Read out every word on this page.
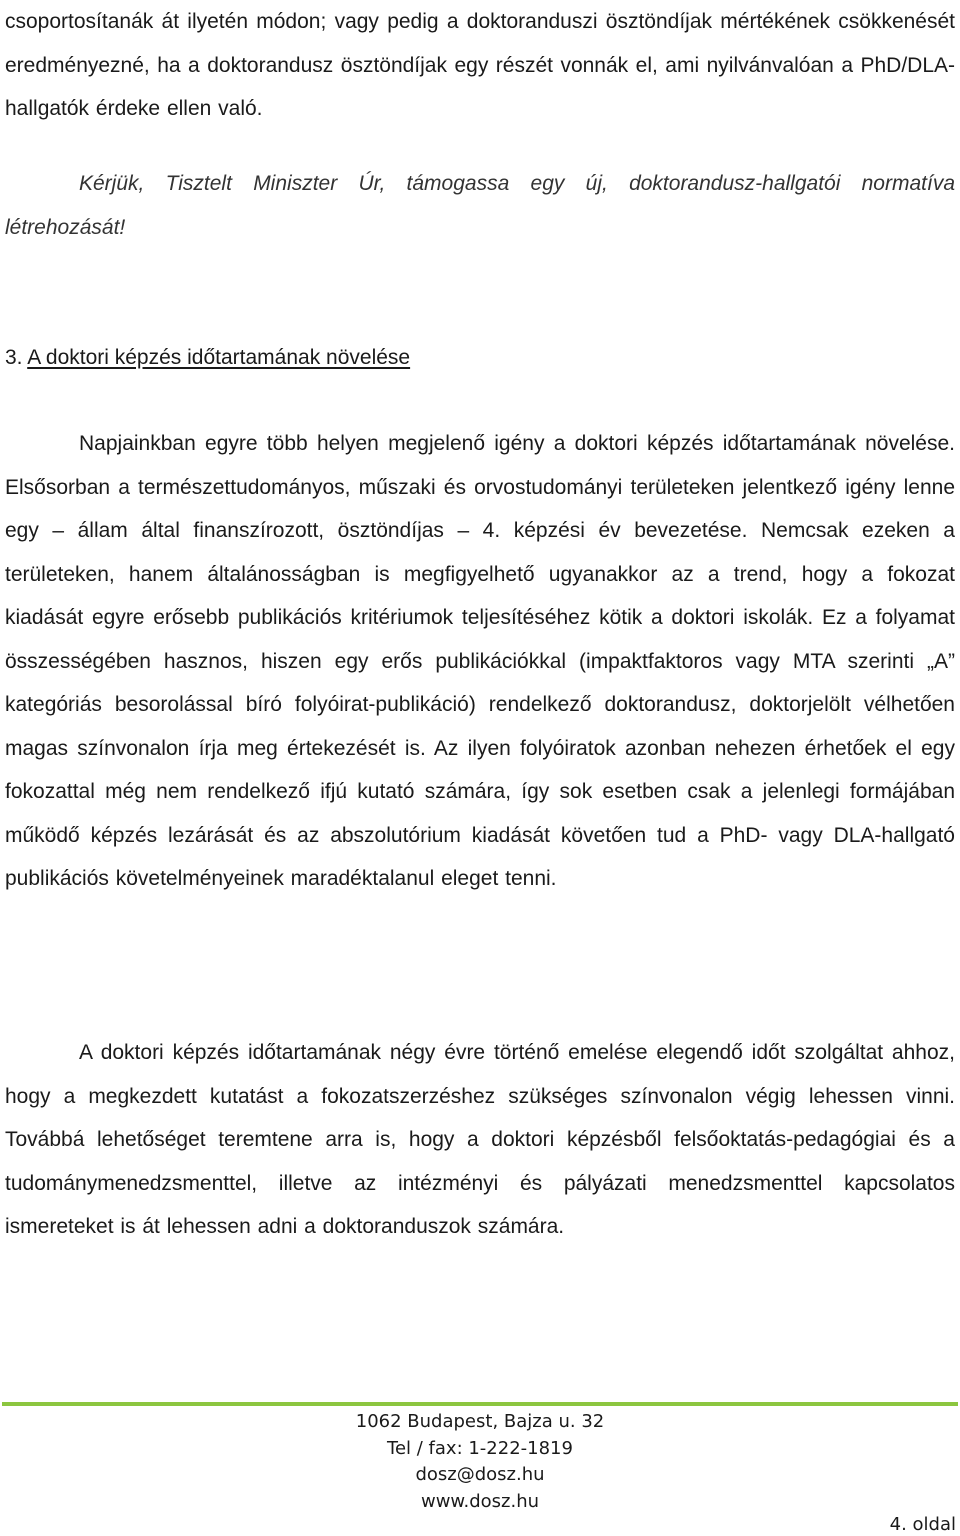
csoportosítanák át ilyetén módon; vagy pedig a doktoranduszi ösztöndíjak mértékének csökkenését eredményezné, ha a doktorandusz ösztöndíjak egy részét vonnák el, ami nyilvánvalóan a PhD/DLA-hallgatók érdeke ellen való.

Kérjük, Tisztelt Miniszter Úr, támogassa egy új, doktorandusz-hallgatói normatíva létrehozását!

3. A doktori képzés időtartamának növelése

Napjainkban egyre több helyen megjelenő igény a doktori képzés időtartamának növelése. Elsősorban a természettudományos, műszaki és orvostudományi területeken jelentkező igény lenne egy – állam által finanszírozott, ösztöndíjas – 4. képzési év bevezetése. Nemcsak ezeken a területeken, hanem általánosságban is megfigyelhető ugyanakkor az a trend, hogy a fokozat kiadását egyre erősebb publikációs kritériumok teljesítéséhez kötik a doktori iskolák. Ez a folyamat összességében hasznos, hiszen egy erős publikációkkal (impaktfaktoros vagy MTA szerinti „A” kategóriás besorolással bíró folyóirat-publikáció) rendelkező doktorandusz, doktorjelölt vélhetően magas színvonalon írja meg értekezését is. Az ilyen folyóiratok azonban nehezen érhetőek el egy fokozattal még nem rendelkező ifjú kutató számára, így sok esetben csak a jelenlegi formájában működő képzés lezárását és az abszolutórium kiadását követően tud a PhD- vagy DLA-hallgató publikációs követelményeinek maradéktalanul eleget tenni.

A doktori képzés időtartamának négy évre történő emelése elegendő időt szolgáltat ahhoz, hogy a megkezdett kutatást a fokozatszerzéshez szükséges színvonalon végig lehessen vinni. Továbbá lehetőséget teremtene arra is, hogy a doktori képzésből felsőoktatás-pedagógiai és a tudománymenedzsmenttel, illetve az intézményi és pályázati menedzsmenttel kapcsolatos ismereteket is át lehessen adni a doktoranduszok számára.

1062 Budapest, Bajza u. 32
Tel / fax: 1-222-1819
dosz@dosz.hu
www.dosz.hu
4. oldal
